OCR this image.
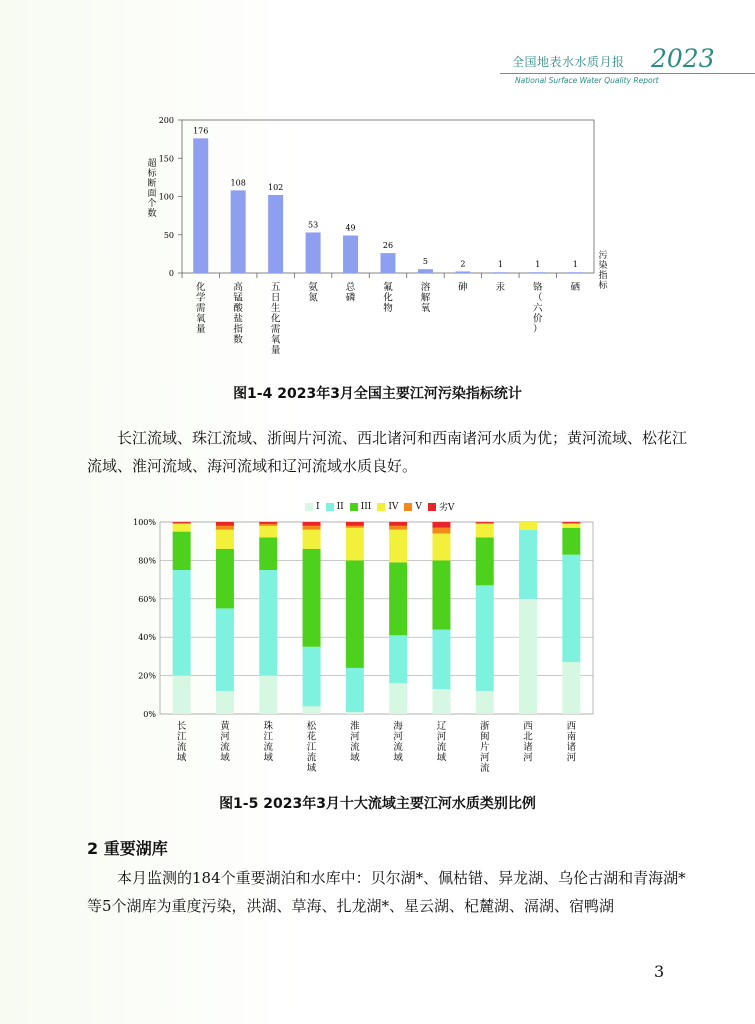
全国地表水水质月报 2023
National Surface Water Quality Report
0
50
100
150
200
超标断面个数
176
化学需氧量
108
高锰酸盐指数
102
五日生化需氧量
53
氨氮
49
总磷
26
氟化物
5
溶解氧
2
砷
1
汞
1
铬（六价）
1
硒
污染指标
图1-4 2023年3月全国主要江河污染指标统计
长江流域、珠江流域、浙闽片河流、西北诸河和西南诸河水质为优；黄河流域、松花江流域、淮河流域、海河流域和辽河流域水质良好。
I II III IV V 劣V
0%
20%
40%
60%
80%
100%
长江流域
黄河流域
珠江流域
松花江流域
淮河流域
海河流域
辽河流域
浙闽片河流
西北诸河
西南诸河
图1-5 2023年3月十大流域主要江河水质类别比例
2 重要湖库
本月监测的184个重要湖泊和水库中：贝尔湖*、佩枯错、异龙湖、乌伦古湖和青海湖*等5个湖库为重度污染，洪湖、草海、扎龙湖*、星云湖、杞麓湖、滆湖、宿鸭湖
3
